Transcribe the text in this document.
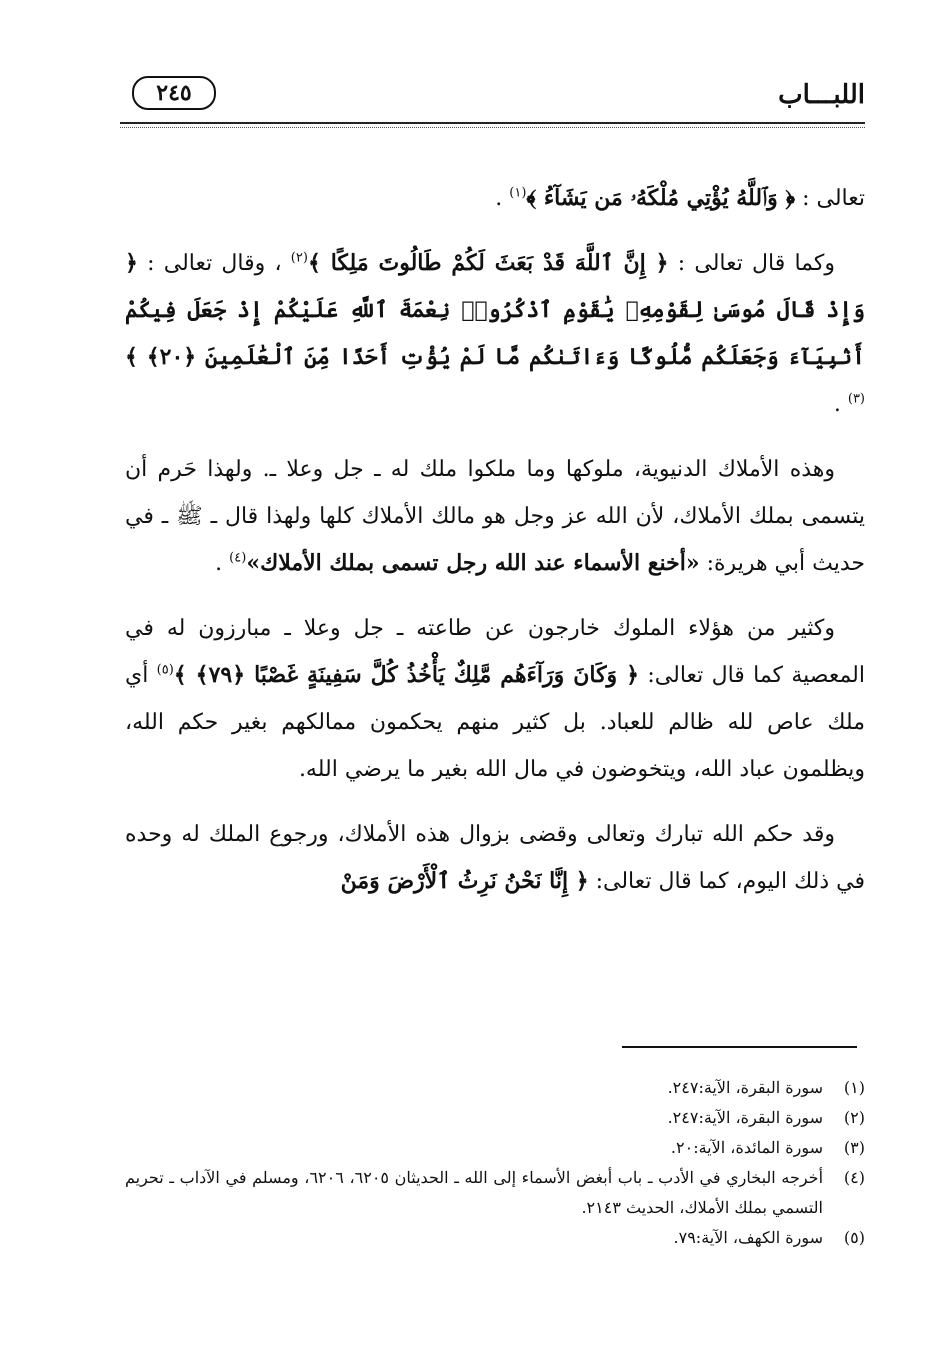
٢٤٥	اللبـــاب

تعالى : ﴿ وَٱللَّهُ يُؤْتِي مُلْكَهُۥ مَن يَشَآءُ ﴾$^{(١)}$ .

وكما قال تعالى : ﴿ إِنَّ ٱللَّهَ قَدْ بَعَثَ لَكُمْ طَالُوتَ مَلِكًا ﴾$^{(٢)}$ ، وقال تعالى : ﴿ وَإِذْ قَالَ مُوسَىٰ لِقَوْمِهِۦ يَٰقَوْمِ ٱذْكُرُوا۟ نِعْمَةَ ٱللَّهِ عَلَيْكُمْ إِذْ جَعَلَ فِيكُمْ أَنۢبِيَآءَ وَجَعَلَكُم مُّلُوكًا وَءَاتَىٰكُم مَّا لَمْ يُؤْتِ أَحَدًا مِّنَ ٱلْعَٰلَمِينَ ﴿٢٠﴾ ﴾$^{(٣)}$ .

وهذه الأملاك الدنيوية، ملوكها وما ملكوا ملك له ـ جل وعلا ـ. ولهذا حَرم أن يتسمى بملك الأملاك، لأن الله عز وجل هو مالك الأملاك كلها ولهذا قال ـ ﷺ ـ في حديث أبي هريرة: «أخنع الأسماء عند الله رجل تسمى بملك الأملاك»$^{(٤)}$ .

وكثير من هؤلاء الملوك خارجون عن طاعته ـ جل وعلا ـ مبارزون له في المعصية كما قال تعالى: ﴿ وَكَانَ وَرَآءَهُم مَّلِكٌ يَأْخُذُ كُلَّ سَفِينَةٍ غَصْبًا ﴿٧٩﴾ ﴾$^{(٥)}$ أي ملك عاص لله ظالم للعباد. بل كثير منهم يحكمون ممالكهم بغير حكم الله، ويظلمون عباد الله، ويتخوضون في مال الله بغير ما يرضي الله.

وقد حكم الله تبارك وتعالى وقضى بزوال هذه الأملاك، ورجوع الملك له وحده في ذلك اليوم، كما قال تعالى: ﴿ إِنَّا نَحْنُ نَرِثُ ٱلْأَرْضَ وَمَنْ

(١)
سورة البقرة، الآية:٢٤٧.
(٢)
سورة البقرة، الآية:٢٤٧.
(٣)
سورة المائدة، الآية:٢٠.
(٤)
أخرجه البخاري في الأدب ـ باب أبغض الأسماء إلى الله ـ الحديثان ٦٢٠٥، ٦٢٠٦، ومسلم في الآداب ـ تحريم التسمي بملك الأملاك، الحديث ٢١٤٣.
(٥)
سورة الكهف، الآية:٧٩.
